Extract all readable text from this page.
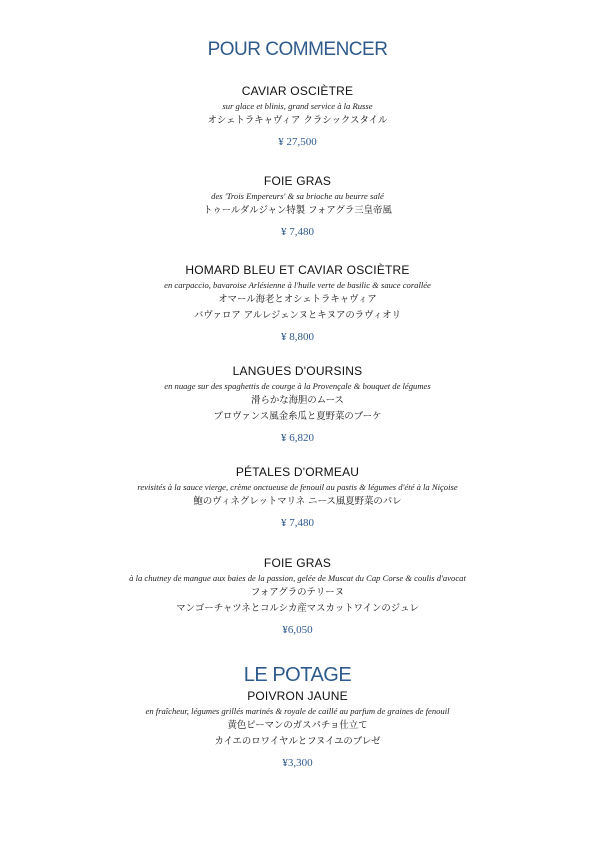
POUR COMMENCER
CAVIAR OSCIÈTRE
sur glace et blinis, grand service à la Russe
オシェトラキャヴィア クラシックスタイル
¥ 27,500
FOIE GRAS
des 'Trois Empereurs' & sa brioche au beurre salé
トゥールダルジャン特製 フォアグラ三皇帝風
¥ 7,480
HOMARD BLEU ET CAVIAR OSCIÈTRE
en carpaccio, bavaroise Arlésienne à l'huile verte de basilic & sauce corallée
オマール海老とオシェトラキャヴィア
バヴァロア アルレジェンヌとキヌアのラヴィオリ
¥ 8,800
LANGUES D'OURSINS
en nuage sur des spaghettis de courge à la Provençale & bouquet de légumes
滑らかな海胆のムース
プロヴァンス風金糸瓜と夏野菜のブーケ
¥ 6,820
PÉTALES D'ORMEAU
revisités à la sauce vierge, crème onctueuse de fenouil au pastis & légumes d'été à la Niçoise
鮑のヴィネグレットマリネ ニース風夏野菜のパレ
¥ 7,480
FOIE GRAS
à la chutney de mangue aux baies de la passion, gelée de Muscat du Cap Corse & coulis d'avocat
フォアグラのテリーヌ
マンゴーチャツネとコルシカ産マスカットワインのジュレ
¥6,050
LE POTAGE
POIVRON JAUNE
en fraîcheur, légumes grillés marinés & royale de caillé au parfum de graines de fenouil
黄色ピーマンのガスパチョ仕立て
カイエのロワイヤルとフヌイユのブレゼ
¥3,300
